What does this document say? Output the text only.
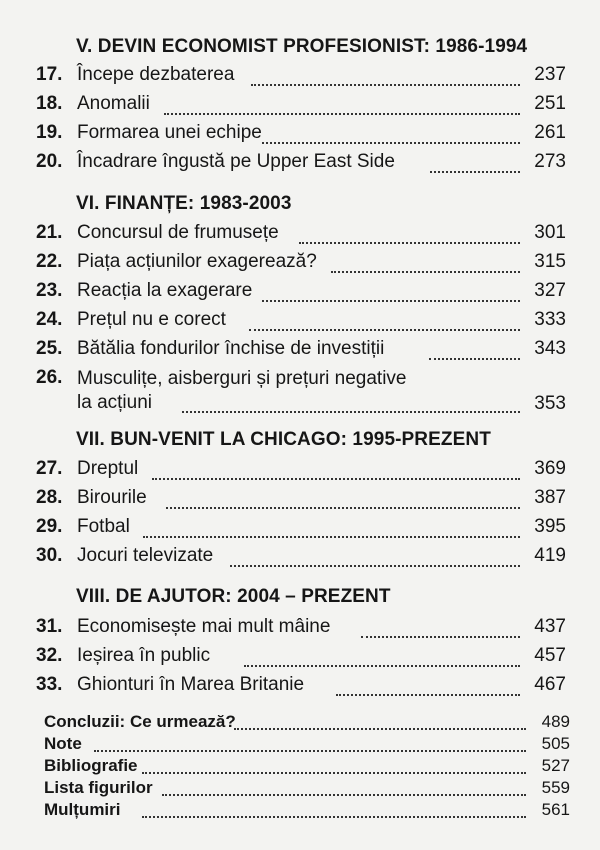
V. DEVIN ECONOMIST PROFESIONIST: 1986-1994
17. Începe dezbaterea	237
18. Anomalii	251
19. Formarea unei echipe	261
20. Încadrare îngustă pe Upper East Side	273
VI. FINANȚE: 1983-2003
21. Concursul de frumusețe	301
22. Piața acțiunilor exagerează?	315
23. Reacția la exagerare	327
24. Prețul nu e corect	333
25. Bătălia fondurilor închise de investiții	343
26. Musculițe, aisberguri și prețuri negative
la acțiuni	353
VII. BUN-VENIT LA CHICAGO: 1995-PREZENT
27. Dreptul	369
28. Birourile	387
29. Fotbal	395
30. Jocuri televizate	419
VIII. DE AJUTOR: 2004 – PREZENT
31. Economisește mai mult mâine	437
32. Ieșirea în public	457
33. Ghionturi în Marea Britanie	467
Concluzii: Ce urmează?	489
Note	505
Bibliografie	527
Lista figurilor	559
Mulțumiri	561
